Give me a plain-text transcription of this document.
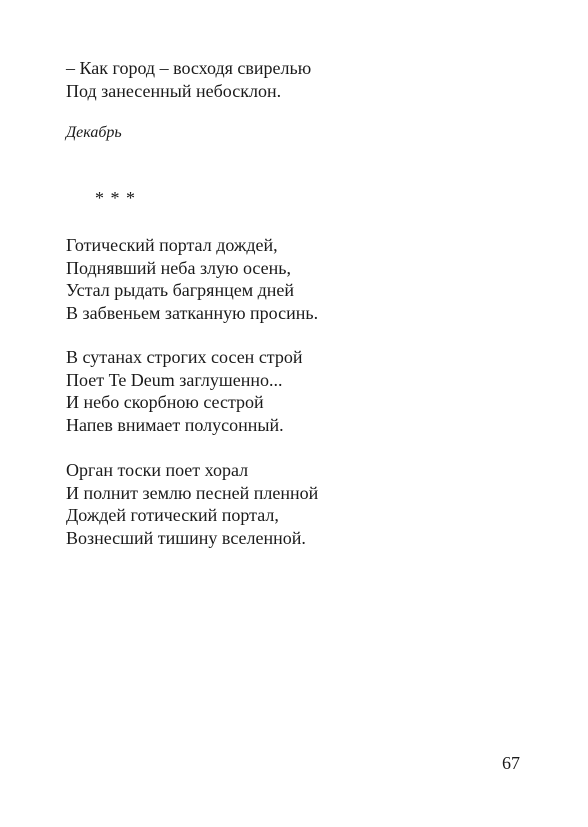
– Как город – восходя свирелью
Под занесенный небосклон.
Декабрь
* * *
Готический портал дождей,
Поднявший неба злую осень,
Устал рыдать багрянцем дней
В забвеньем затканную просинь.
В сутанах строгих сосен строй
Поет Te Deum заглушенно...
И небо скорбною сестрой
Напев внимает полусонный.
Орган тоски поет хорал
И полнит землю песней пленной
Дождей готический портал,
Вознесший тишину вселенной.
67
